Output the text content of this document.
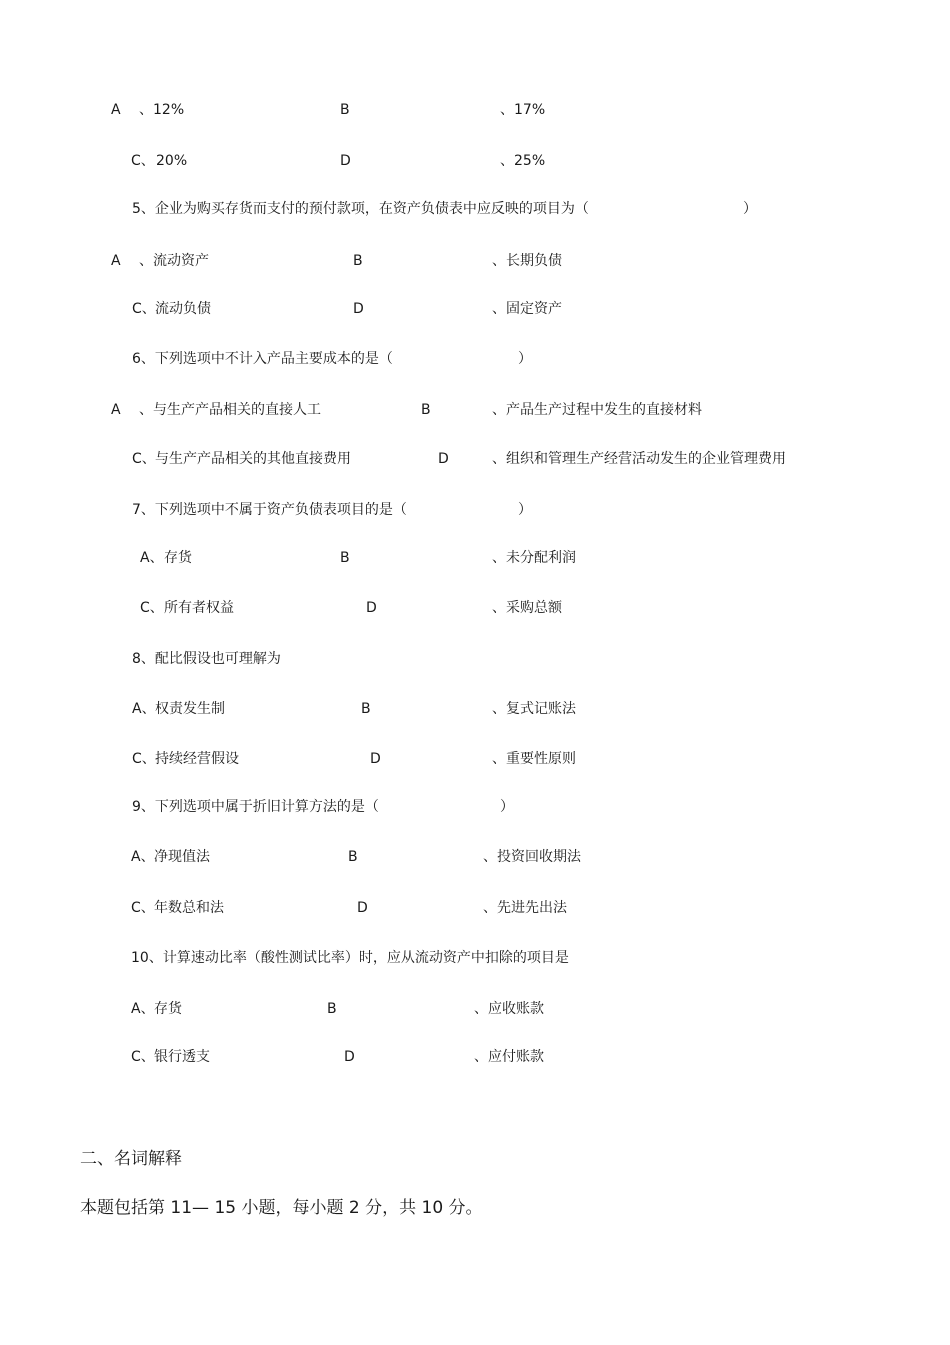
A 、12%	B	、17%
C、 20%	D	、25%
5、企业为购买存货而支付的预付款项，在资产负债表中应反映的项目为（	）
A 、流动资产	B	、长期负债
C、 流动负债	D	、固定资产
6、下列选项中不计入产品主要成本的是（	）
A 、与生产产品相关的直接人工	B	、产品生产过程中发生的直接材料
C、 与生产产品相关的其他直接费用	D	、组织和管理生产经营活动发生的企业管理费用
7、下列选项中不属于资产负债表项目的是（	）
A、 存货	B	、未分配利润
C、 所有者权益	D	、采购总额
8、配比假设也可理解为
A、 权责发生制	B	、复式记账法
C、 持续经营假设	D	、重要性原则
9、下列选项中属于折旧计算方法的是（	）
A、 净现值法	B	、投资回收期法
C、 年数总和法	D	、先进先出法
10、计算速动比率（酸性测试比率）时，应从流动资产中扣除的项目是
A、 存货	B	、应收账款
C、 银行透支	D	、应付账款
二、名词解释
本题包括第 11— 15 小题，每小题 2 分，共 10 分。
